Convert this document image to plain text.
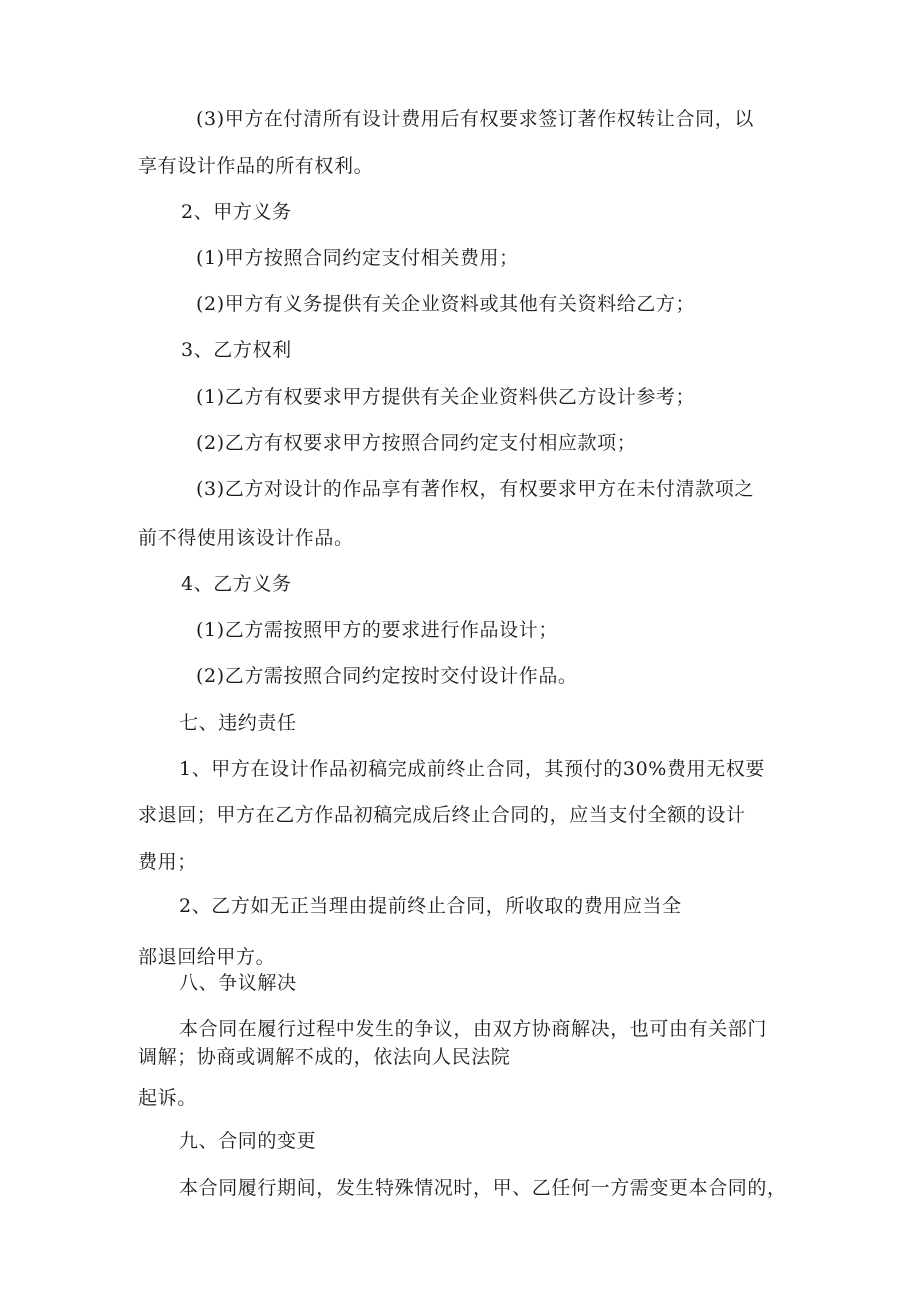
(3)甲方在付清所有设计费用后有权要求签订著作权转让合同，以
享有设计作品的所有权利。
2、甲方义务
(1)甲方按照合同约定支付相关费用；
(2)甲方有义务提供有关企业资料或其他有关资料给乙方；
3、乙方权利
(1)乙方有权要求甲方提供有关企业资料供乙方设计参考；
(2)乙方有权要求甲方按照合同约定支付相应款项；
(3)乙方对设计的作品享有著作权，有权要求甲方在未付清款项之
前不得使用该设计作品。
4、乙方义务
(1)乙方需按照甲方的要求进行作品设计；
(2)乙方需按照合同约定按时交付设计作品。
七、违约责任
1、甲方在设计作品初稿完成前终止合同，其预付的30%费用无权要
求退回；甲方在乙方作品初稿完成后终止合同的，应当支付全额的设计
费用；
2、乙方如无正当理由提前终止合同，所收取的费用应当全
部退回给甲方。
八、争议解决
本合同在履行过程中发生的争议，由双方协商解决，也可由有关部门
调解；协商或调解不成的，依法向人民法院
起诉。
九、合同的变更
本合同履行期间，发生特殊情况时，甲、乙任何一方需变更本合同的，
